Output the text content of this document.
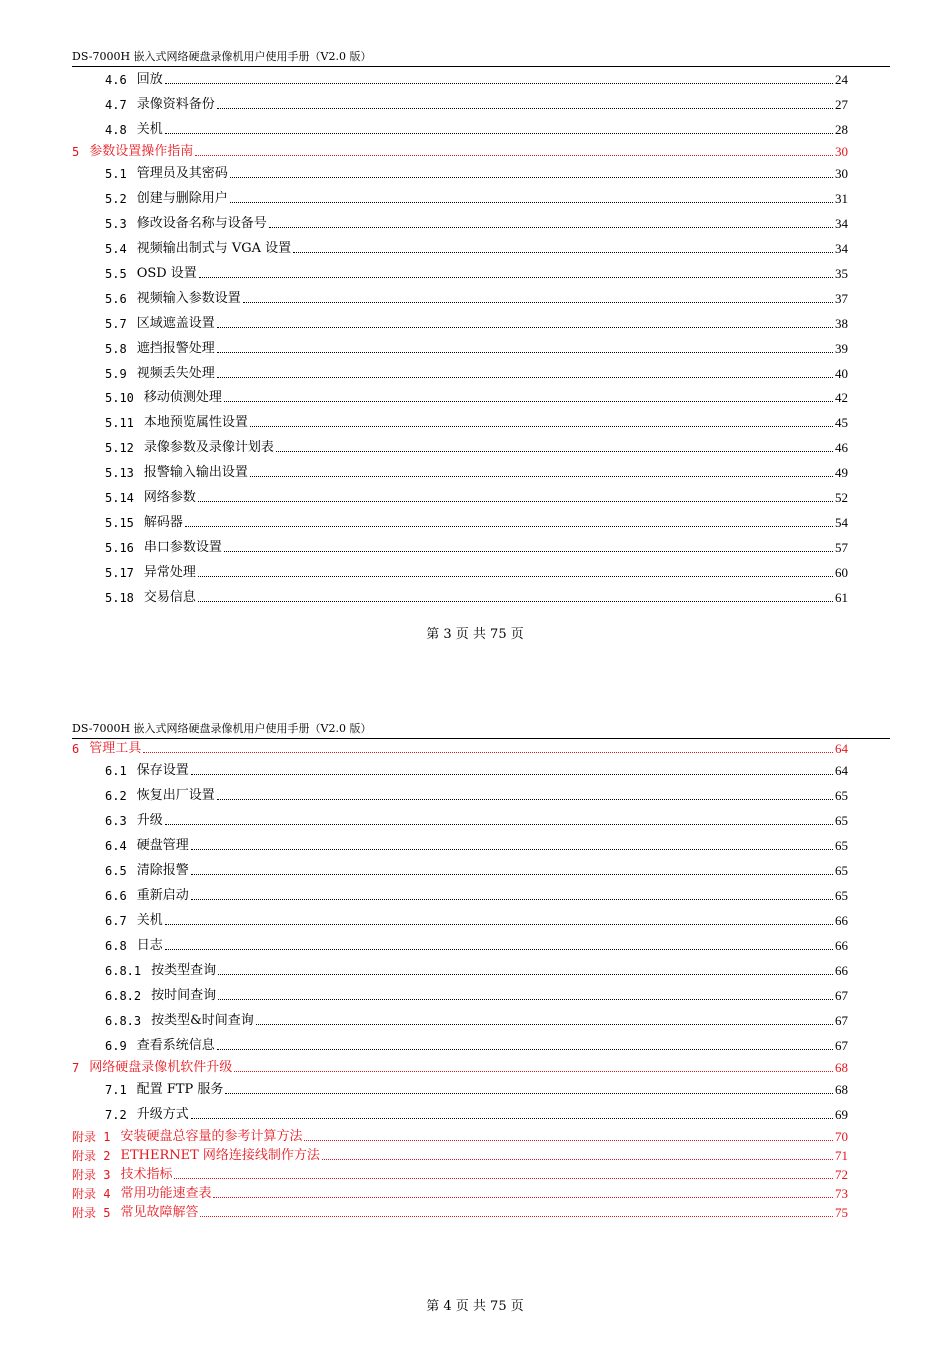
DS-7000H 嵌入式网络硬盘录像机用户使用手册（V2.0 版）
4.6 回放	24
4.7 录像资料备份	27
4.8 关机	28
5 参数设置操作指南	30
5.1 管理员及其密码	30
5.2 创建与删除用户	31
5.3 修改设备名称与设备号	34
5.4 视频输出制式与 VGA 设置	34
5.5 OSD 设置	35
5.6 视频输入参数设置	37
5.7 区域遮盖设置	38
5.8 遮挡报警处理	39
5.9 视频丢失处理	40
5.10 移动侦测处理	42
5.11 本地预览属性设置	45
5.12 录像参数及录像计划表	46
5.13 报警输入输出设置	49
5.14 网络参数	52
5.15 解码器	54
5.16 串口参数设置	57
5.17 异常处理	60
5.18 交易信息	61
第 3 页 共 75 页
DS-7000H 嵌入式网络硬盘录像机用户使用手册（V2.0 版）
6 管理工具	64
6.1 保存设置	64
6.2 恢复出厂设置	65
6.3 升级	65
6.4 硬盘管理	65
6.5 清除报警	65
6.6 重新启动	65
6.7 关机	66
6.8 日志	66
6.8.1 按类型查询	66
6.8.2 按时间查询	67
6.8.3 按类型&时间查询	67
6.9 查看系统信息	67
7 网络硬盘录像机软件升级	68
7.1 配置 FTP 服务	68
7.2 升级方式	69
附录 1 安装硬盘总容量的参考计算方法	70
附录 2 ETHERNET 网络连接线制作方法	71
附录 3 技术指标	72
附录 4 常用功能速查表	73
附录 5 常见故障解答	75
第 4 页 共 75 页
